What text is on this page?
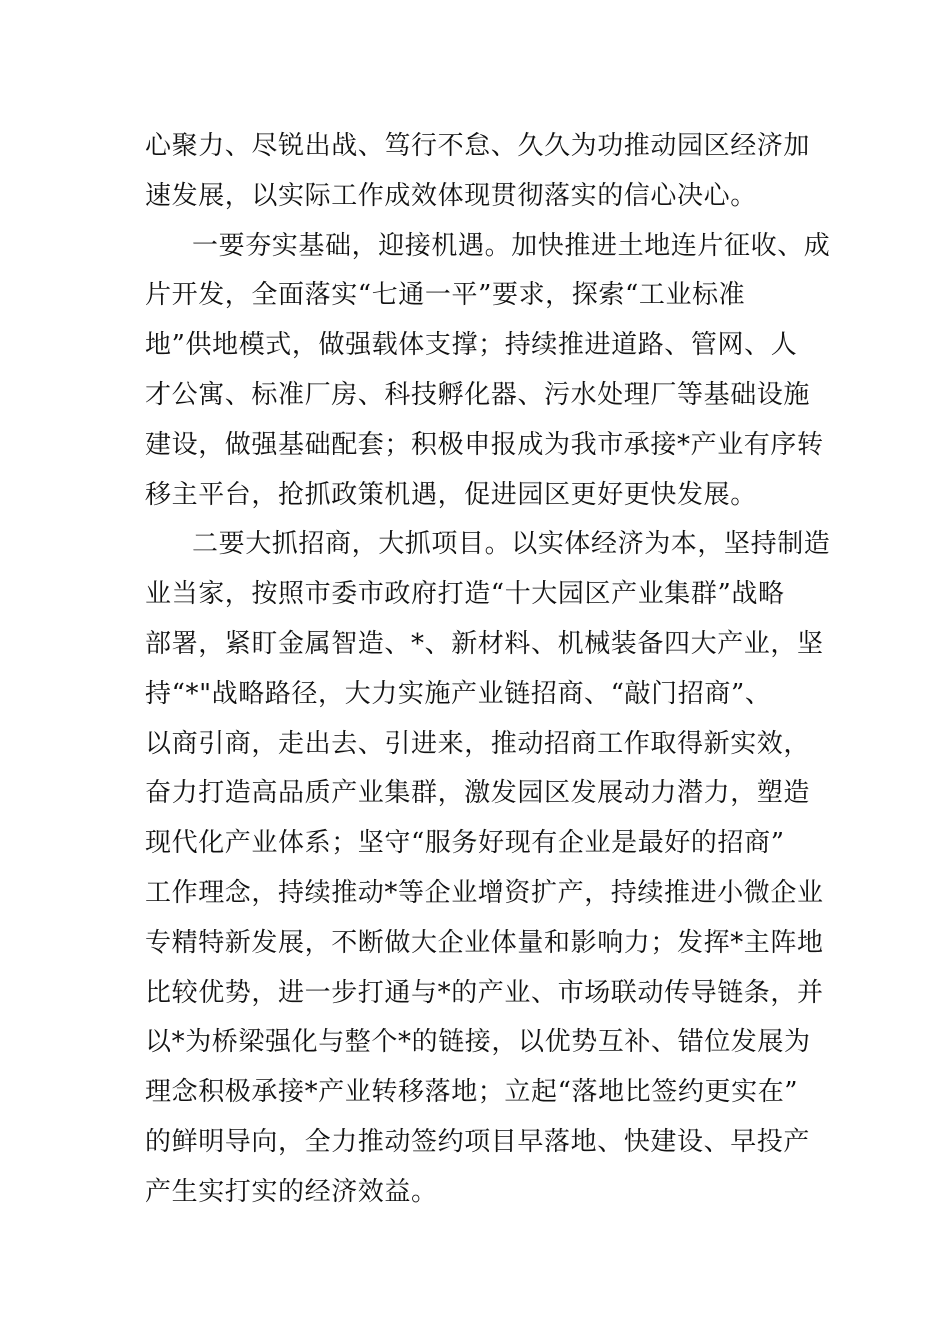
心聚力、尽锐出战、笃行不怠、久久为功推动园区经济加
速发展，以实际工作成效体现贯彻落实的信心决心。
一要夯实基础，迎接机遇。加快推进土地连片征收、成
片开发，全面落实“七通一平”要求，探索“工业标准
地”供地模式，做强载体支撑；持续推进道路、管网、人
才公寓、标准厂房、科技孵化器、污水处理厂等基础设施
建设，做强基础配套；积极申报成为我市承接*产业有序转
移主平台，抢抓政策机遇，促进园区更好更快发展。
二要大抓招商，大抓项目。以实体经济为本，坚持制造
业当家，按照市委市政府打造“十大园区产业集群”战略
部署，紧盯金属智造、*、新材料、机械装备四大产业，坚
持“*"战略路径，大力实施产业链招商、“敲门招商”、
以商引商，走出去、引进来，推动招商工作取得新实效，
奋力打造高品质产业集群，激发园区发展动力潜力，塑造
现代化产业体系；坚守“服务好现有企业是最好的招商”
工作理念，持续推动*等企业增资扩产，持续推进小微企业
专精特新发展，不断做大企业体量和影响力；发挥*主阵地
比较优势，进一步打通与*的产业、市场联动传导链条，并
以*为桥梁强化与整个*的链接，以优势互补、错位发展为
理念积极承接*产业转移落地；立起“落地比签约更实在”
的鲜明导向，全力推动签约项目早落地、快建设、早投产
产生实打实的经济效益。
